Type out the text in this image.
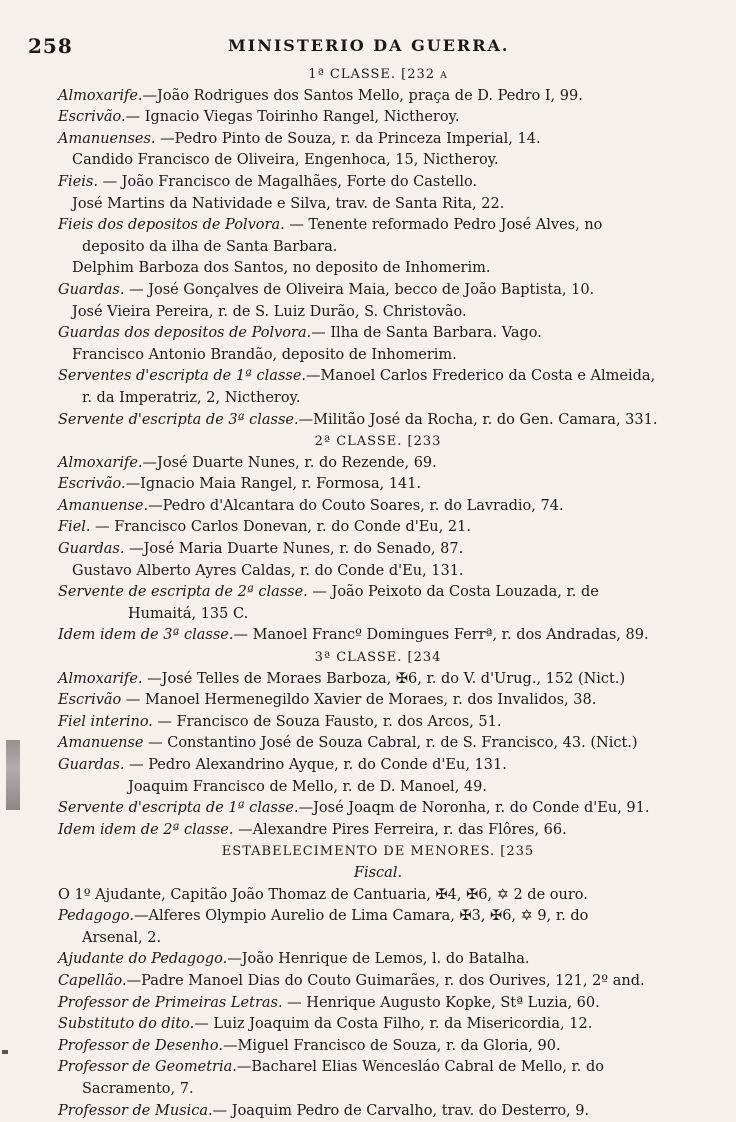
258	MINISTERIO DA GUERRA.
1ª CLASSE. [232 a
Almoxarife.—João Rodrigues dos Santos Mello, praça de D. Pedro I, 99.
Escrivão.— Ignacio Viegas Toirinho Rangel, Nictheroy.
Amanuenses. —Pedro Pinto de Souza, r. da Princeza Imperial, 14.
Candido Francisco de Oliveira, Engenhoca, 15, Nictheroy.
Fieis. — João Francisco de Magalhães, Forte do Castello.
José Martins da Natividade e Silva, trav. de Santa Rita, 22.
Fieis dos depositos de Polvora. — Tenente reformado Pedro José Alves, no
deposito da ilha de Santa Barbara.
Delphim Barboza dos Santos, no deposito de Inhomerim.
Guardas. — José Gonçalves de Oliveira Maia, becco de João Baptista, 10.
José Vieira Pereira, r. de S. Luiz Durão, S. Christovão.
Guardas dos depositos de Polvora.— Ilha de Santa Barbara. Vago.
Francisco Antonio Brandão, deposito de Inhomerim.
Serventes d'escripta de 1ª classe.—Manoel Carlos Frederico da Costa e Almeida,
r. da Imperatriz, 2, Nictheroy.
Servente d'escripta de 3ª classe.—Militão José da Rocha, r. do Gen. Camara, 331.
2ª CLASSE. [233
Almoxarife.—José Duarte Nunes, r. do Rezende, 69.
Escrivão.—Ignacio Maia Rangel, r. Formosa, 141.
Amanuense.—Pedro d'Alcantara do Couto Soares, r. do Lavradio, 74.
Fiel. — Francisco Carlos Donevan, r. do Conde d'Eu, 21.
Guardas. —José Maria Duarte Nunes, r. do Senado, 87.
Gustavo Alberto Ayres Caldas, r. do Conde d'Eu, 131.
Servente de escripta de 2ª classe. — João Peixoto da Costa Louzada, r. de
Humaitá, 135 C.
Idem idem de 3ª classe.— Manoel Francº Domingues Ferrª, r. dos Andradas, 89.
3ª CLASSE. [234
Almoxarife. —José Telles de Moraes Barboza, ✠6, r. do V. d'Urug., 152 (Nict.)
Escrivão — Manoel Hermenegildo Xavier de Moraes, r. dos Invalidos, 38.
Fiel interino. — Francisco de Souza Fausto, r. dos Arcos, 51.
Amanuense — Constantino José de Souza Cabral, r. de S. Francisco, 43. (Nict.)
Guardas. — Pedro Alexandrino Ayque, r. do Conde d'Eu, 131.
Joaquim Francisco de Mello, r. de D. Manoel, 49.
Servente d'escripta de 1ª classe.—José Joaqm de Noronha, r. do Conde d'Eu, 91.
Idem idem de 2ª classe. —Alexandre Pires Ferreira, r. das Flôres, 66.
ESTABELECIMENTO DE MENORES. [235
Fiscal.
O 1º Ajudante, Capitão João Thomaz de Cantuaria, ✠4, ✠6, ✡ 2 de ouro.
Pedagogo.—Alferes Olympio Aurelio de Lima Camara, ✠3, ✠6, ✡ 9, r. do
Arsenal, 2.
Ajudante do Pedagogo.—João Henrique de Lemos, l. do Batalha.
Capellão.—Padre Manoel Dias do Couto Guimarães, r. dos Ourives, 121, 2º and.
Professor de Primeiras Letras. — Henrique Augusto Kopke, Stª Luzia, 60.
Substituto do dito.— Luiz Joaquim da Costa Filho, r. da Misericordia, 12.
Professor de Desenho.—Miguel Francisco de Souza, r. da Gloria, 90.
Professor de Geometria.—Bacharel Elias Wencesláo Cabral de Mello, r. do
Sacramento, 7.
Professor de Musica.— Joaquim Pedro de Carvalho, trav. do Desterro, 9.
